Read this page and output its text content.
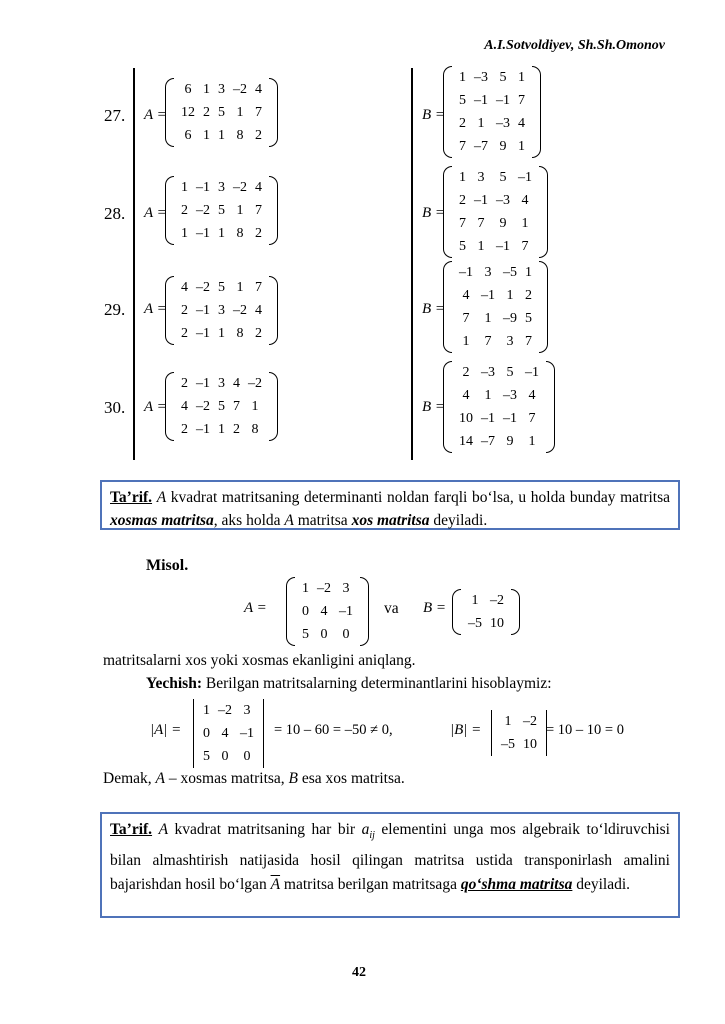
A.I.Sotvoldiyev, Sh.Sh.Omonov
27. A =
6	1	3	–2	4
12	2	5	1	7
6	1	1	8	2
B =
1	–3	5	1
5	–1	–1	7
2	1	–3	4
7	–7	9	1
28. A =
1	–1	3	–2	4
2	–2	5	1	7
1	–1	1	8	2
B =
1	3	5	–1
2	–1	–3	4
7	7	9	1
5	1	–1	7
29. A =
4	–2	5	1	7
2	–1	3	–2	4
2	–1	1	8	2
B =
–1	3	–5	1
4	–1	1	2
7	1	–9	5
1	7	3	7
30. A =
2	–1	3	4	–2
4	–2	5	7	1
2	–1	1	2	8
B =
2	–3	5	–1
4	1	–3	4
10	–1	–1	7
14	–7	9	1
Ta’rif. A kvadrat matritsaning determinanti noldan farqli bo‘lsa, u holda bunday matritsa xosmas matritsa, aks holda A matritsa xos matritsa deyiladi.
Misol.
A =
1	–2	3
0	4	–1
5	0	0
va B = 1	–2
–5	10
matritsalarni xos yoki xosmas ekanligini aniqlang.
Yechish: Berilgan matritsalarning determinantlarini hisoblaymiz:
|A| =
1	–2	3
0	4	–1
5	0	0
= 10 – 60 = –50 ≠ 0,	|B| =
1	–2
–5	10
= 10 – 10 = 0
Demak, A – xosmas matritsa, B esa xos matritsa.
Ta’rif. A kvadrat matritsaning har bir $a_{ij}$ elementini unga mos algebraik to‘ldiruvchisi bilan almashtirish natijasida hosil qilingan matritsa ustida transponirlash amalini bajarishdan hosil bo‘lgan $\overline{A}$ matritsa berilgan matritsaga qo‘shma matritsa deyiladi.
42
